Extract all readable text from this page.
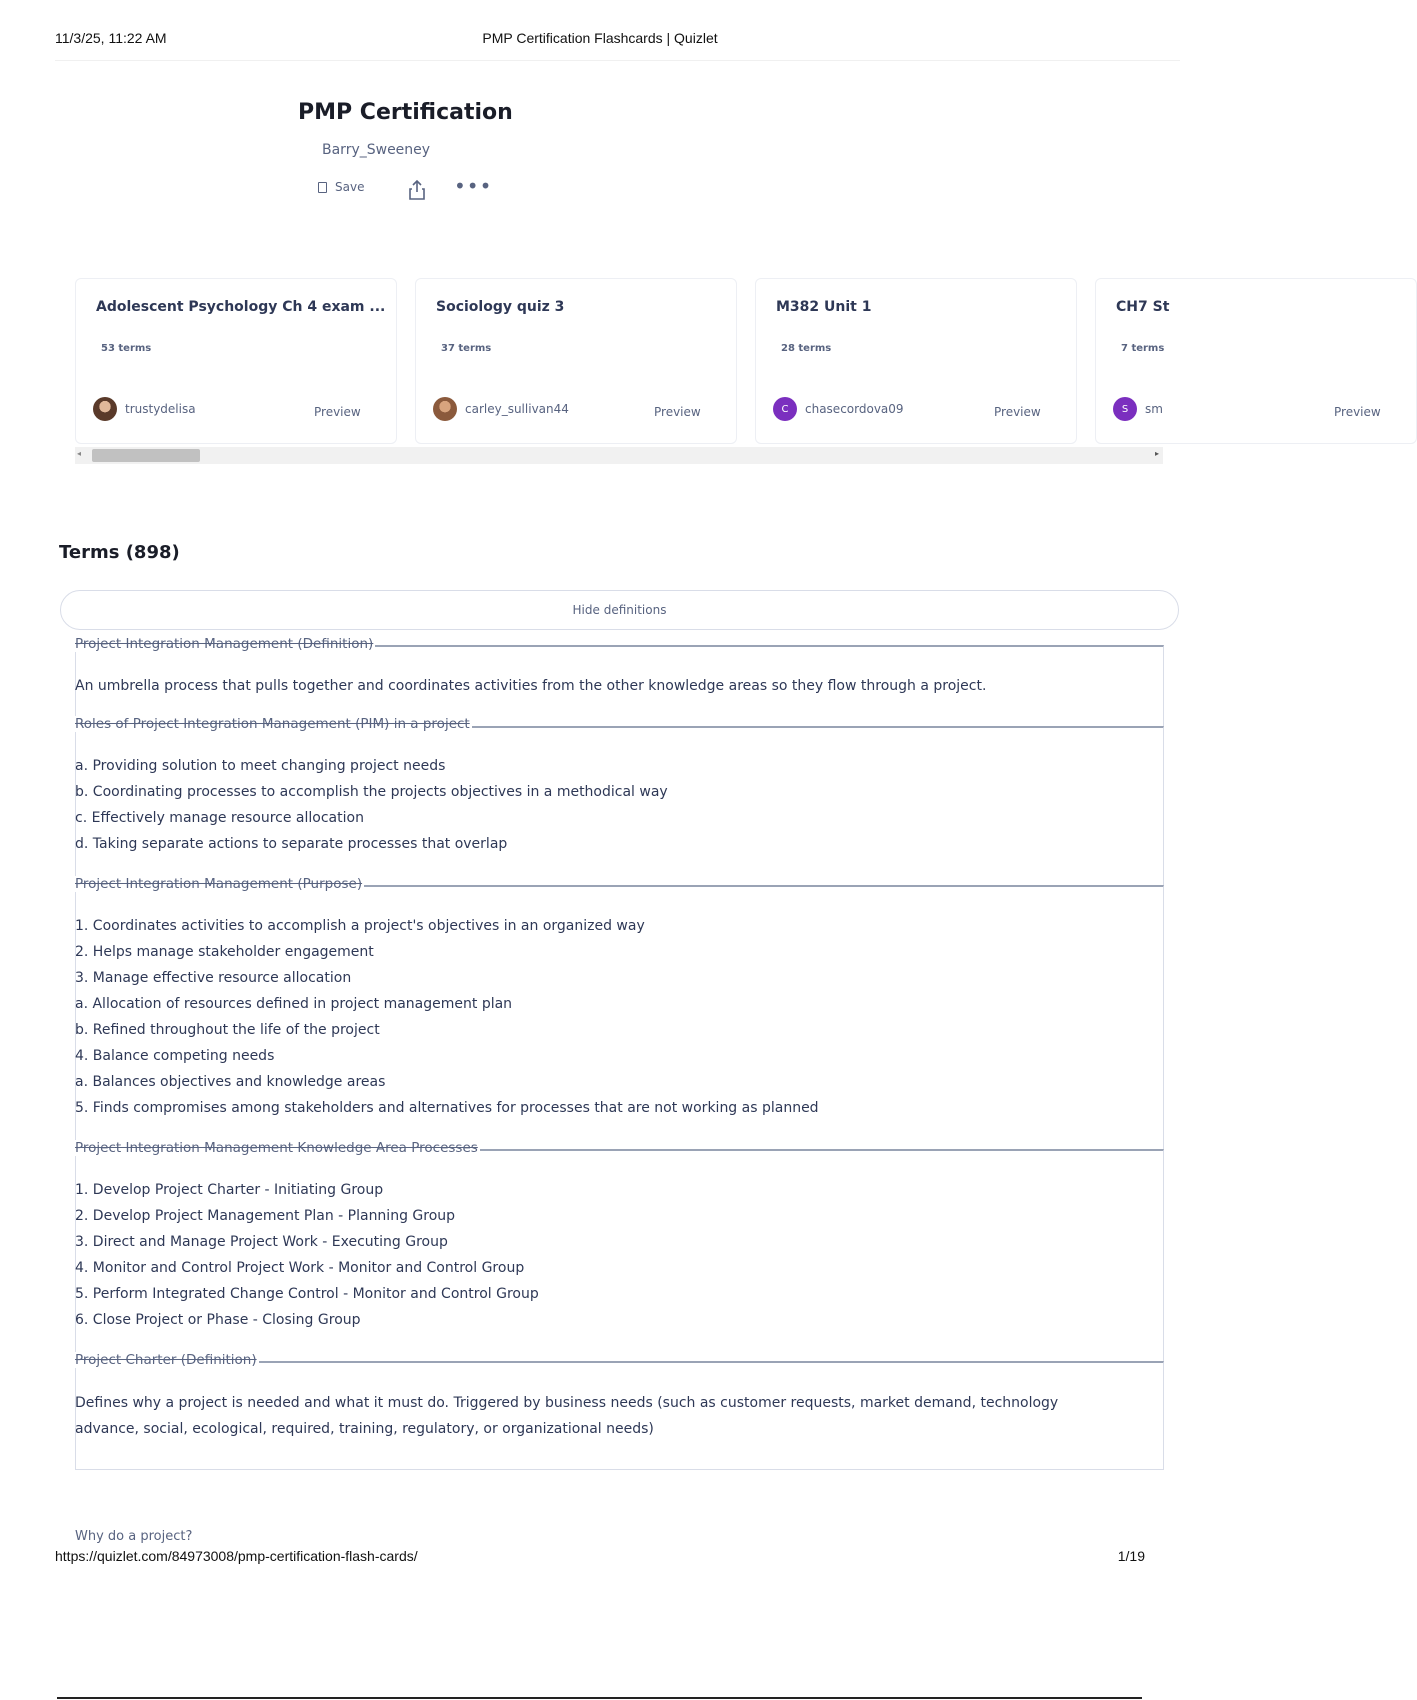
11/3/25, 11:22 AM	PMP Certification Flashcards | Quizlet
PMP Certification
Barry_Sweeney
Save	•••
Adolescent Psychology Ch 4 exam ...
53 terms
trustydelisa	Preview
Sociology quiz 3
37 terms
carley_sullivan44	Preview
M382 Unit 1
28 terms
C	chasecordova09	Preview
CH7 St
7 terms
S	sm	Preview
◂	▸
Terms (898)
Hide definitions
Project Integration Management (Definition)
An umbrella process that pulls together and coordinates activities from the other knowledge areas so they flow through a project.
Roles of Project Integration Management (PIM) in a project
a. Providing solution to meet changing project needs
b. Coordinating processes to accomplish the projects objectives in a methodical way
c. Effectively manage resource allocation
d. Taking separate actions to separate processes that overlap
Project Integration Management (Purpose)
1. Coordinates activities to accomplish a project's objectives in an organized way
2. Helps manage stakeholder engagement
3. Manage effective resource allocation
a. Allocation of resources defined in project management plan
b. Refined throughout the life of the project
4. Balance competing needs
a. Balances objectives and knowledge areas
5. Finds compromises among stakeholders and alternatives for processes that are not working as planned
Project Integration Management Knowledge Area Processes
1. Develop Project Charter - Initiating Group
2. Develop Project Management Plan - Planning Group
3. Direct and Manage Project Work - Executing Group
4. Monitor and Control Project Work - Monitor and Control Group
5. Perform Integrated Change Control - Monitor and Control Group
6. Close Project or Phase - Closing Group
Project Charter (Definition)
Defines why a project is needed and what it must do. Triggered by business needs (such as customer requests, market demand, technology
advance, social, ecological, required, training, regulatory, or organizational needs)
Why do a project?
https://quizlet.com/84973008/pmp-certification-flash-cards/	1/19
